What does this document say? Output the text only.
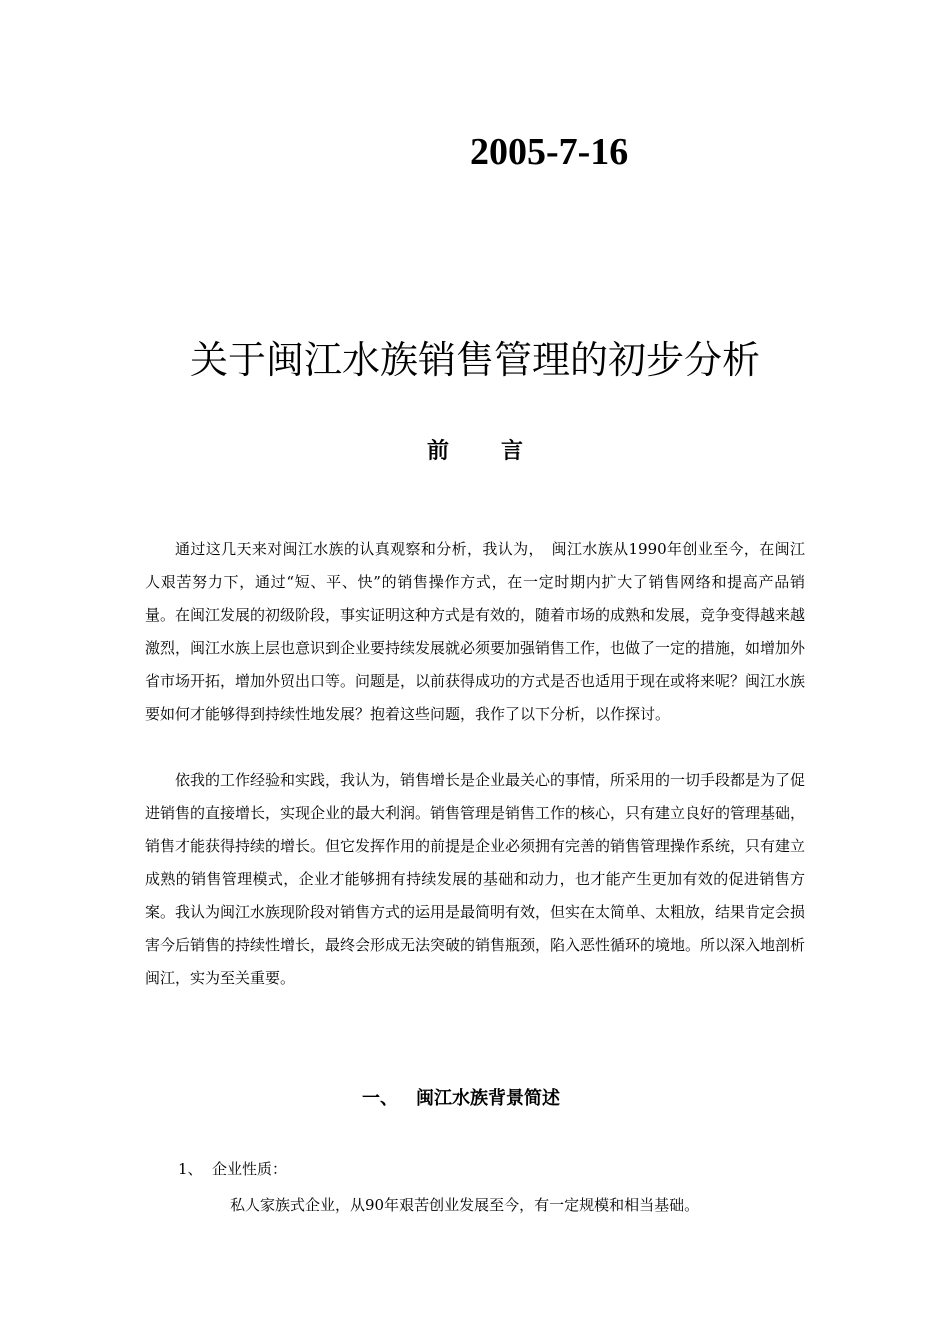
2005-7-16
关于闽江水族销售管理的初步分析
前言

通过这几天来对闽江水族的认真观察和分析，我认为，　闽江水族从1990年创业至今，在闽江人艰苦努力下，通过“短、平、快”的销售操作方式，在一定时期内扩大了销售网络和提高产品销量。在闽江发展的初级阶段，事实证明这种方式是有效的，随着市场的成熟和发展，竞争变得越来越激烈，闽江水族上层也意识到企业要持续发展就必须要加强销售工作，也做了一定的措施，如增加外省市场开拓，增加外贸出口等。问题是，以前获得成功的方式是否也适用于现在或将来呢？闽江水族要如何才能够得到持续性地发展？抱着这些问题，我作了以下分析，以作探讨。

依我的工作经验和实践，我认为，销售增长是企业最关心的事情，所采用的一切手段都是为了促进销售的直接增长，实现企业的最大利润。销售管理是销售工作的核心，只有建立良好的管理基础，销售才能获得持续的增长。但它发挥作用的前提是企业必须拥有完善的销售管理操作系统，只有建立成熟的销售管理模式，企业才能够拥有持续发展的基础和动力，也才能产生更加有效的促进销售方案。我认为闽江水族现阶段对销售方式的运用是最简明有效，但实在太简单、太粗放，结果肯定会损害今后销售的持续性增长，最终会形成无法突破的销售瓶颈，陷入恶性循环的境地。所以深入地剖析闽江，实为至关重要。

一、 闽江水族背景简述
1、 企业性质：
私人家族式企业，从90年艰苦创业发展至今，有一定规模和相当基础。
